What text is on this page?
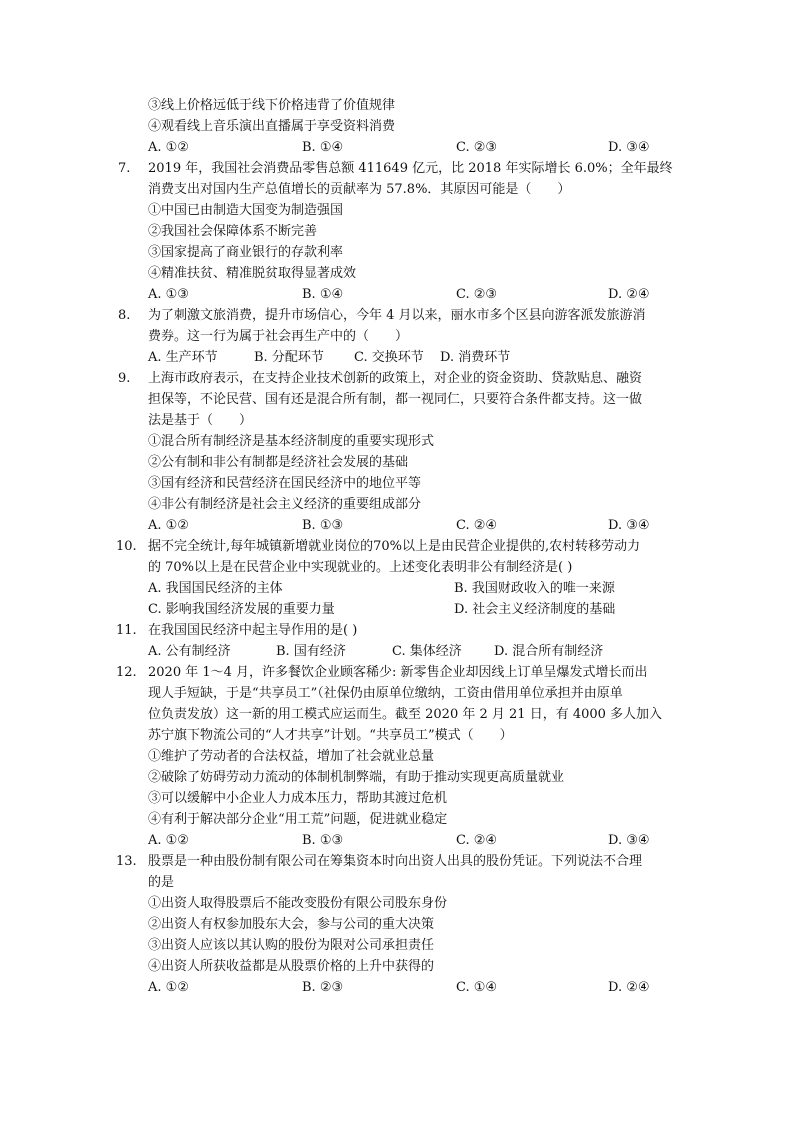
③线上价格远低于线下价格违背了价值规律
④观看线上音乐演出直播属于享受资料消费
A. ①②	B. ①④	C. ②③	D. ③④
7. 2019 年，我国社会消费品零售总额 411649 亿元，比 2018 年实际增长 6.0%；全年最终
消费支出对国内生产总值增长的贡献率为 57.8%．其原因可能是（　　）
①中国已由制造大国变为制造强国
②我国社会保障体系不断完善
③国家提高了商业银行的存款利率
④精准扶贫、精准脱贫取得显著成效
A. ①③	B. ①④	C. ②③	D. ②④
8. 为了刺激文旅消费，提升市场信心，今年 4 月以来，丽水市多个区县向游客派发旅游消
费券。这一行为属于社会再生产中的（　　）
A. 生产环节	B. 分配环节 C. 交换环节 D. 消费环节
9. 上海市政府表示，在支持企业技术创新的政策上，对企业的资金资助、贷款贴息、融资
担保等，不论民营、国有还是混合所有制，都一视同仁，只要符合条件都支持。这一做
法是基于（　　）
①混合所有制经济是基本经济制度的重要实现形式
②公有制和非公有制都是经济社会发展的基础
③国有经济和民营经济在国民经济中的地位平等
④非公有制经济是社会主义经济的重要组成部分
A. ①②	B. ①③	C. ②④	D. ③④
10. 据不完全统计,每年城镇新增就业岗位的70%以上是由民营企业提供的,农村转移劳动力
的 70%以上是在民营企业中实现就业的。上述变化表明非公有制经济是( )
A. 我国国民经济的主体	B. 我国财政收入的唯一来源
C. 影响我国经济发展的重要力量	D. 社会主义经济制度的基础
11. 在我国国民经济中起主导作用的是( )
A. 公有制经济	B. 国有经济	C. 集体经济 D. 混合所有制经济
12. 2020 年 1～4 月，许多餐饮企业顾客稀少: 新零售企业却因线上订单呈爆发式增长而出
现人手短缺，于是“共享员工”（社保仍由原单位缴纳，工资由借用单位承担并由原单
位负责发放）这一新的用工模式应运而生。截至 2020 年 2 月 21 日，有 4000 多人加入
苏宁旗下物流公司的“人才共享”计划。“共享员工”模式（　　）
①维护了劳动者的合法权益，增加了社会就业总量
②破除了妨碍劳动力流动的体制机制弊端，有助于推动实现更高质量就业
③可以缓解中小企业人力成本压力，帮助其渡过危机
④有利于解决部分企业“用工荒”问题，促进就业稳定
A. ①②	B. ①③	C. ②④	D. ③④
13. 股票是一种由股份制有限公司在筹集资本时向出资人出具的股份凭证。下列说法不合理
的是
①出资人取得股票后不能改变股份有限公司股东身份
②出资人有权参加股东大会，参与公司的重大决策
③出资人应该以其认购的股份为限对公司承担责任
④出资人所获收益都是从股票价格的上升中获得的
A. ①②	B. ②③	C. ①④	D. ②④
